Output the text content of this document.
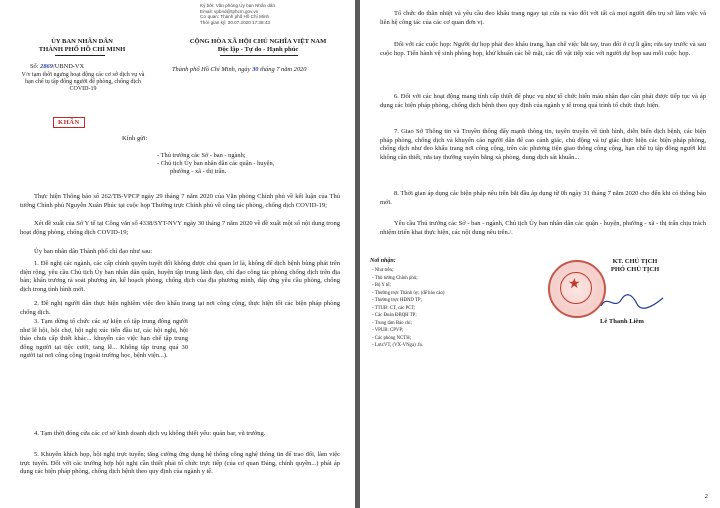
Ký bởi: Văn phòng Ủy ban Nhân dân
Email: vpbnd@tphcm.gov.vn
Cơ quan: Thành phố Hồ Chí Minh
Thời gian ký: 30.07.2020 17:38:43
ỦY BAN NHÂN DÂN
THÀNH PHỐ HỒ CHÍ MINH
CỘNG HÒA XÃ HỘI CHỦ NGHĨA VIỆT NAM
Độc lập - Tự do - Hạnh phúc
Số: 2869/UBND-VX	Thành phố Hồ Chí Minh, ngày 30 tháng 7 năm 2020
V/v tạm thời ngưng hoạt động các cơ sở dịch vụ và hạn chế tụ tập đông người để phòng, chống dịch COVID-19
KHẨN
Kính gửi:
- Thủ trưởng các Sở - ban - ngành;
- Chủ tịch Ủy ban nhân dân các quận - huyện,
phường - xã - thị trấn.
Thực hiện Thông báo số 262/TB-VPCP ngày 29 tháng 7 năm 2020 của Văn phòng Chính phủ về kết luận của Thủ tướng Chính phủ Nguyễn Xuân Phúc tại cuộc họp Thường trực Chính phủ về công tác phòng, chống dịch COVID-19;
Xét đề xuất của Sở Y tế tại Công văn số 4338/SYT-NVY ngày 30 tháng 7 năm 2020 về đề xuất một số nội dung trong hoạt động phòng, chống dịch COVID-19;
Ủy ban nhân dân Thành phố chỉ đạo như sau:
1. Đề nghị các ngành, các cấp chính quyền tuyệt đối không được chủ quan lơ là, không để dịch bệnh bùng phát trên diện rộng, yêu cầu Chủ tịch Ủy ban nhân dân quận, huyện tập trung lãnh đạo, chỉ đạo công tác phòng chống dịch trên địa bàn; khẩn trương rà soát phương án, kế hoạch phòng, chống dịch của địa phương mình, đáp ứng yêu cầu phòng, chống dịch trong tình hình mới.
2. Đề nghị người dân thực hiện nghiêm việc đeo khẩu trang tại nơi công cộng, thực hiện tốt các biện pháp phòng chống dịch.
3. Tạm dừng tổ chức các sự kiện có tập trung đông người như lễ hội, hội chợ, hội nghị xúc tiến đầu tư, các hội nghị, hội thảo chưa cấp thiết khác... khuyến cáo việc hạn chế tập trung đông người tại tiệc cưới, tang lễ... Không tập trung quá 30 người tại nơi công cộng (ngoài trường học, bệnh viện...).
4. Tạm thời đóng cửa các cơ sở kinh doanh dịch vụ không thiết yếu: quán bar, vũ trường.
5. Khuyến khích họp, hội nghị trực tuyến; tăng cường ứng dụng hệ thống công nghệ thông tin để trao đổi, làm việc trực tuyến. Đối với các trường hợp hội nghị cần thiết phải tổ chức trực tiếp (của cơ quan Đảng, chính quyền...) phải áp dụng các biện pháp phòng, chống dịch bệnh theo quy định của ngành y tế.
Tổ chức đo thân nhiệt và yêu cầu đeo khẩu trang ngay tại cửa ra vào đối với tất cả mọi người đến trụ sở làm việc và liên hệ công tác của các cơ quan đơn vị.
Đối với các cuộc họp: Người dự họp phải đeo khẩu trang, hạn chế việc bắt tay, trao đổi ở cự li gần; rửa tay trước và sau cuộc họp. Tiến hành vệ sinh phòng họp, khử khuẩn các bề mặt, các đồ vật tiếp xúc với người dự họp sau mỗi cuộc họp.
6. Đối với các hoạt động mang tính cấp thiết để phục vụ như tổ chức hiến máu nhân đạo cần phải được tiếp tục và áp dụng các biện pháp phòng, chống dịch bệnh theo quy định của ngành y tế trong quá trình tổ chức thực hiện.
7. Giao Sở Thông tin và Truyền thông đẩy mạnh thông tin, tuyên truyền về tình hình, diễn biến dịch bệnh, các biện pháp phòng, chống dịch và khuyến cáo người dân để cao cảnh giác, chủ động và tự giác thực hiện các biện pháp phòng, chống dịch như đeo khẩu trang nơi công cộng, trên các phương tiện giao thông công cộng, hạn chế tụ tập đông người khi không cần thiết, rửa tay thường xuyên bằng xà phòng, dung dịch sát khuẩn...
8. Thời gian áp dụng các biện pháp nêu trên bắt đầu áp dụng từ 0h ngày 31 tháng 7 năm 2020 cho đến khi có thông báo mới.
Yêu cầu Thủ trưởng các Sở - ban - ngành, Chủ tịch Ủy ban nhân dân các quận - huyện, phường - xã - thị trấn chịu trách nhiệm triển khai thực hiện, các nội dung nêu trên./.
Nơi nhận:
- Như trên;
- Thủ tướng Chính phủ;
- Bộ Y tế;
- Thường trực Thành ủy; (để báo cáo)
- Thường trực HĐND TP;
- TTUB: CT, các PCT;
- Các Đoàn ĐBQH TP;
- Trung tâm Báo chí;
- VPUB: CPVP;
- Các phòng NCTH;
- Lưu:VT, (VX-VNga) .fo.
★
KT. CHỦ TỊCH
PHÓ CHỦ TỊCH
Lê Thanh Liêm
2
